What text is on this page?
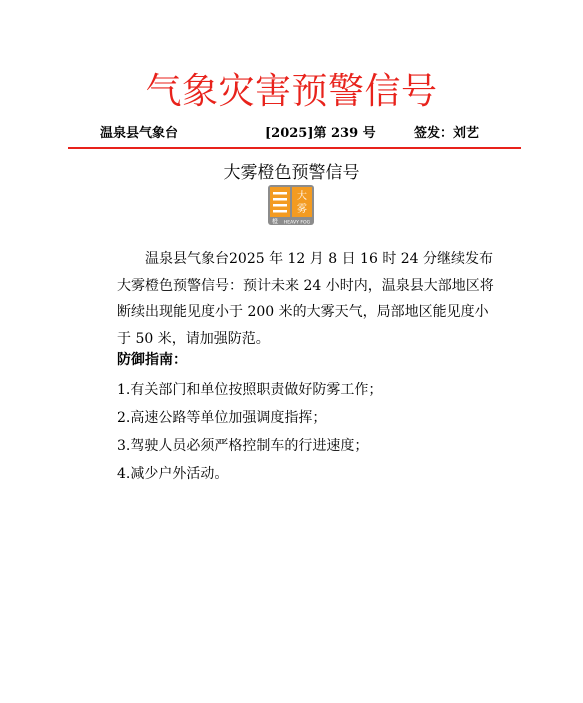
气象灾害预警信号
温泉县气象台	[2025]第 239 号	签发：刘艺
大雾橙色预警信号
大
雾
橙 HEAVY FOG
温泉县气象台2025 年 12 月 8 日 16 时 24 分继续发布大雾橙色预警信号：预计未来 24 小时内，温泉县大部地区将断续出现能见度小于 200 米的大雾天气，局部地区能见度小于 50 米，请加强防范。
防御指南：
1.有关部门和单位按照职责做好防雾工作；
2.高速公路等单位加强调度指挥；
3.驾驶人员必须严格控制车的行进速度；
4.减少户外活动。
